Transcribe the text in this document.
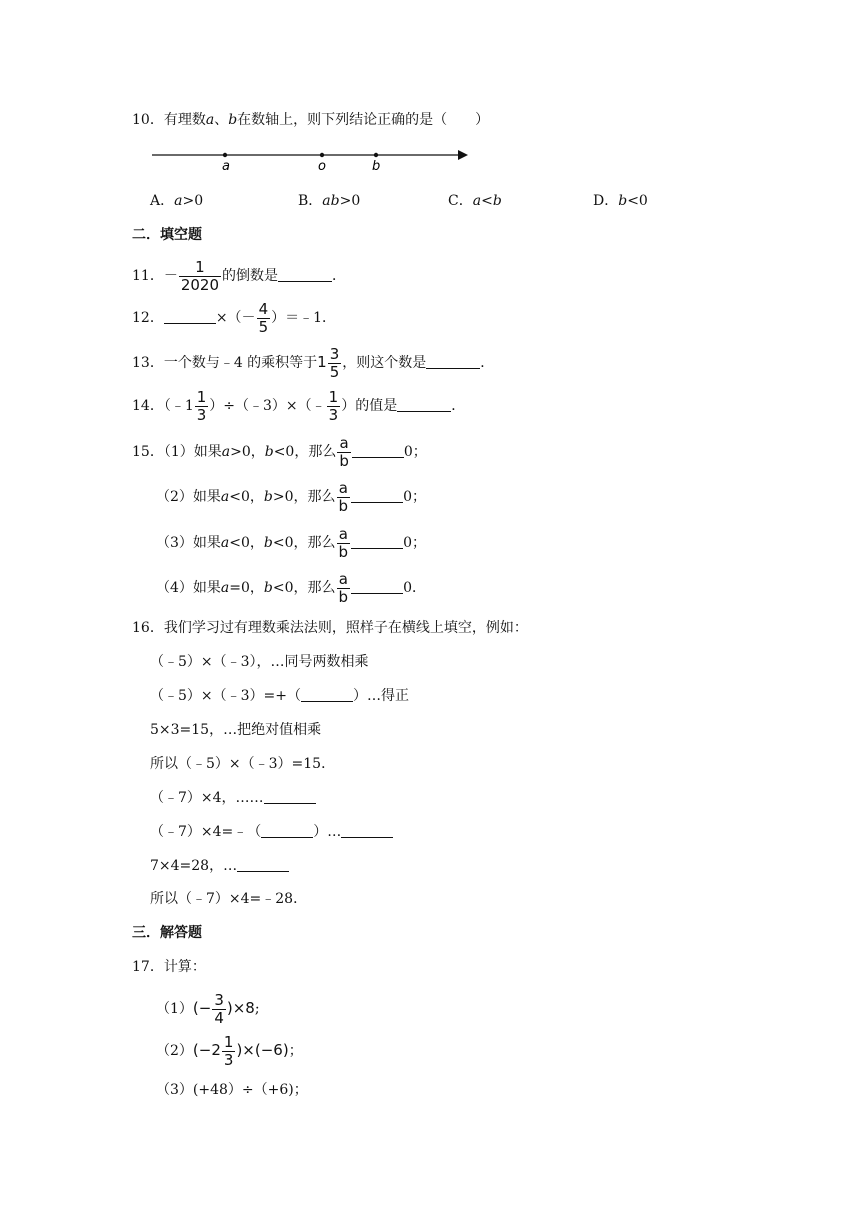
10．有理数a、b在数轴上，则下列结论正确的是（　　）
a	o	b
A．a>0	B．ab>0	C．a<b	D．b<0
二．填空题
11．－ $\frac{1}{2020}$ 的倒数是	．
12．	×（－ $\frac{4}{5}$ ）＝﹣1．
13．一个数与﹣4 的乘积等于$1 \frac{3}{5}$ ，则这个数是	．
14．（﹣1 $\frac{1}{3}$ ）÷（﹣3）×（﹣ $\frac{1}{3}$ ）的值是	．
15．（1）如果a>0，b<0，那么 $\frac{a}{b}$	0；
（2）如果a<0，b>0，那么 $\frac{a}{b}$	0；
（3）如果a<0，b<0，那么 $\frac{a}{b}$	0；
（4）如果a=0，b<0，那么 $\frac{a}{b}$	0．
16．我们学习过有理数乘法法则，照样子在横线上填空，例如：
（﹣5）×（﹣3），…同号两数相乘
（﹣5）×（﹣3）=+（	）…得正
5×3=15，…把绝对值相乘
所以（﹣5）×（﹣3）=15．
（﹣7）×4，……
（﹣7）×4=﹣（	）…
7×4=28，…
所以（﹣7）×4=﹣28．
三．解答题
17．计算：
$(1)(- \frac{3}{4} )\times 8$;
$(2)(-2 \frac{1}{3} )\times(-6)$；
（3）(+48）÷（+6)；
